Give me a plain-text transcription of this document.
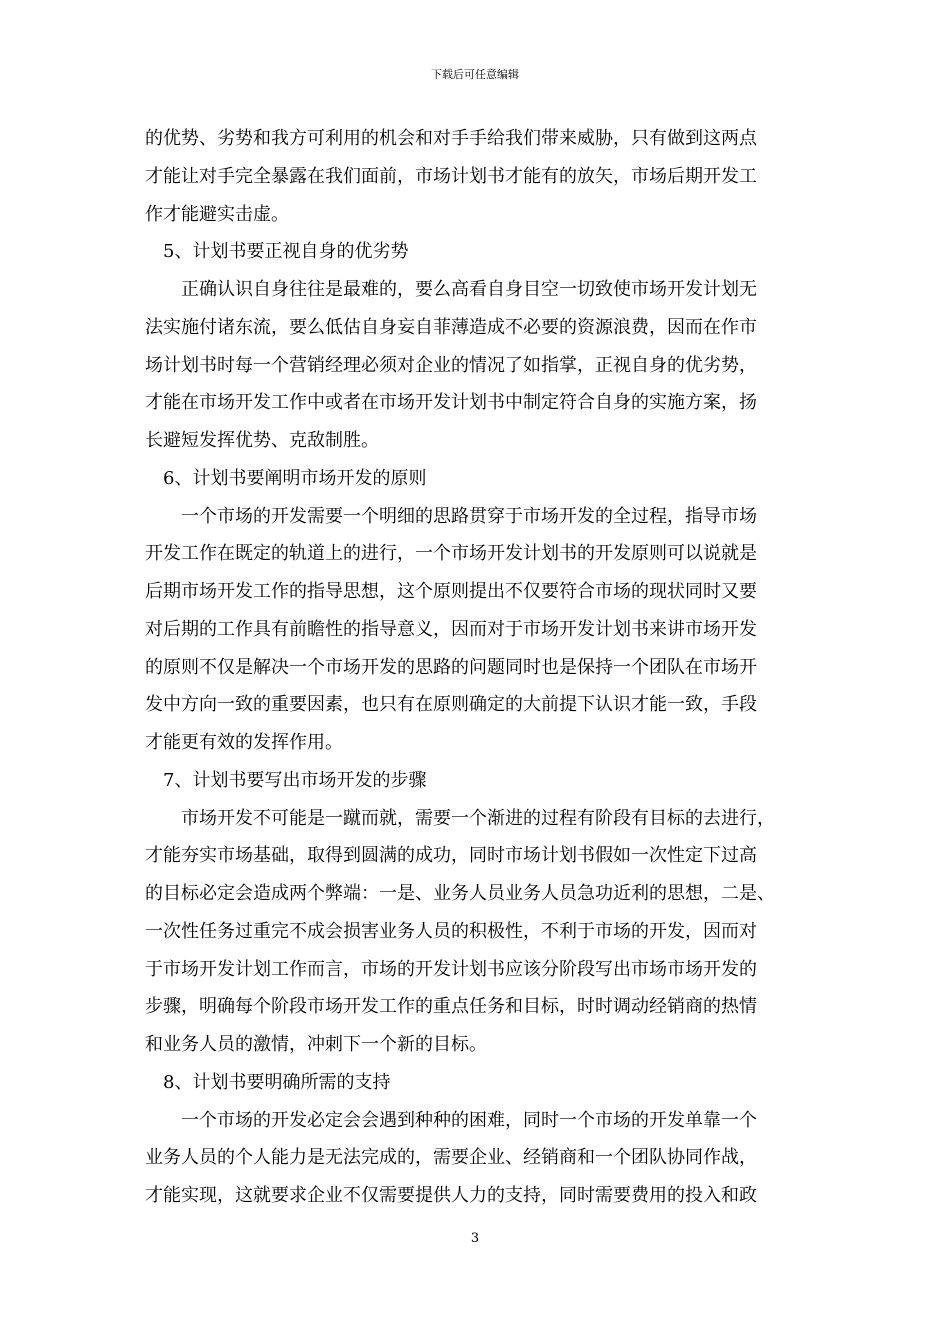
下载后可任意编辑
的优势、劣势和我方可利用的机会和对手手给我们带来威胁，只有做到这两点
才能让对手完全暴露在我们面前，市场计划书才能有的放矢，市场后期开发工
作才能避实击虚。
5、计划书要正视自身的优劣势
正确认识自身往往是最难的，要么高看自身目空一切致使市场开发计划无
法实施付诸东流，要么低估自身妄自菲薄造成不必要的资源浪费，因而在作市
场计划书时每一个营销经理必须对企业的情况了如指掌，正视自身的优劣势，
才能在市场开发工作中或者在市场开发计划书中制定符合自身的实施方案，扬
长避短发挥优势、克敌制胜。
6、计划书要阐明市场开发的原则
一个市场的开发需要一个明细的思路贯穿于市场开发的全过程，指导市场
开发工作在既定的轨道上的进行，一个市场开发计划书的开发原则可以说就是
后期市场开发工作的指导思想，这个原则提出不仅要符合市场的现状同时又要
对后期的工作具有前瞻性的指导意义，因而对于市场开发计划书来讲市场开发
的原则不仅是解决一个市场开发的思路的问题同时也是保持一个团队在市场开
发中方向一致的重要因素，也只有在原则确定的大前提下认识才能一致，手段
才能更有效的发挥作用。
7、计划书要写出市场开发的步骤
市场开发不可能是一蹴而就，需要一个渐进的过程有阶段有目标的去进行，
才能夯实市场基础，取得到圆满的成功，同时市场计划书假如一次性定下过高
的目标必定会造成两个弊端：一是、业务人员业务人员急功近利的思想，二是、
一次性任务过重完不成会损害业务人员的积极性，不利于市场的开发，因而对
于市场开发计划工作而言，市场的开发计划书应该分阶段写出市场市场开发的
步骤，明确每个阶段市场开发工作的重点任务和目标，时时调动经销商的热情
和业务人员的激情，冲刺下一个新的目标。
8、计划书要明确所需的支持
一个市场的开发必定会会遇到种种的困难，同时一个市场的开发单靠一个
业务人员的个人能力是无法完成的，需要企业、经销商和一个团队协同作战，
才能实现，这就要求企业不仅需要提供人力的支持，同时需要费用的投入和政
3
